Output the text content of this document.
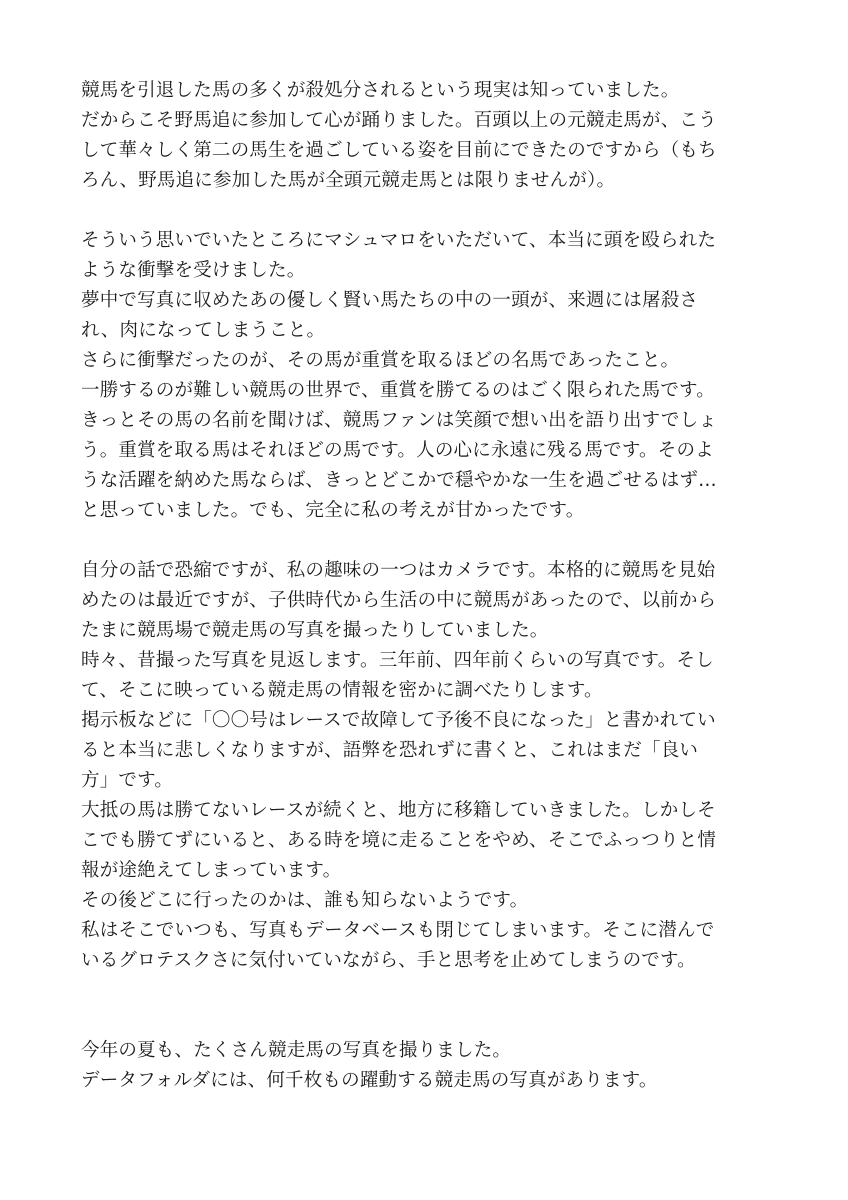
競馬を引退した馬の多くが殺処分されるという現実は知っていました。
だからこそ野馬追に参加して心が踊りました。百頭以上の元競走馬が、こう
して華々しく第二の馬生を過ごしている姿を目前にできたのですから（もち
ろん、野馬追に参加した馬が全頭元競走馬とは限りませんが）。
そういう思いでいたところにマシュマロをいただいて、本当に頭を殴られた
ような衝撃を受けました。
夢中で写真に収めたあの優しく賢い馬たちの中の一頭が、来週には屠殺さ
れ、肉になってしまうこと。
さらに衝撃だったのが、その馬が重賞を取るほどの名馬であったこと。
一勝するのが難しい競馬の世界で、重賞を勝てるのはごく限られた馬です。
きっとその馬の名前を聞けば、競馬ファンは笑顔で想い出を語り出すでしょ
う。重賞を取る馬はそれほどの馬です。人の心に永遠に残る馬です。そのよ
うな活躍を納めた馬ならば、きっとどこかで穏やかな一生を過ごせるはず…
と思っていました。でも、完全に私の考えが甘かったです。
自分の話で恐縮ですが、私の趣味の一つはカメラです。本格的に競馬を見始
めたのは最近ですが、子供時代から生活の中に競馬があったので、以前から
たまに競馬場で競走馬の写真を撮ったりしていました。
時々、昔撮った写真を見返します。三年前、四年前くらいの写真です。そし
て、そこに映っている競走馬の情報を密かに調べたりします。
掲示板などに「〇〇号はレースで故障して予後不良になった」と書かれてい
ると本当に悲しくなりますが、語弊を恐れずに書くと、これはまだ「良い
方」です。
大抵の馬は勝てないレースが続くと、地方に移籍していきました。しかしそ
こでも勝てずにいると、ある時を境に走ることをやめ、そこでふっつりと情
報が途絶えてしまっています。
その後どこに行ったのかは、誰も知らないようです。
私はそこでいつも、写真もデータベースも閉じてしまいます。そこに潜んで
いるグロテスクさに気付いていながら、手と思考を止めてしまうのです。
今年の夏も、たくさん競走馬の写真を撮りました。
データフォルダには、何千枚もの躍動する競走馬の写真があります。
